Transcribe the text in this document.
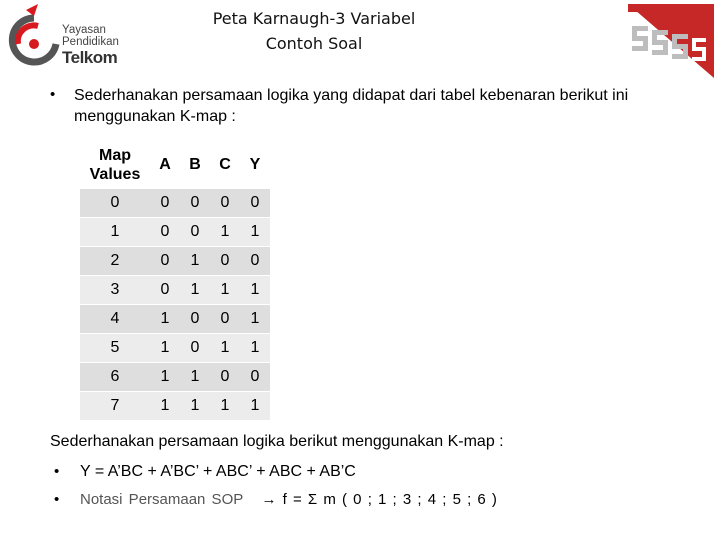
Yayasan
Pendidikan
Telkom
Peta Karnaugh-3 Variabel
Contoh Soal
• Sederhanakan persamaan logika yang didapat dari tabel kebenaran berikut ini menggunakan K-map :
Map
Values	A	B	C	Y
0	0	0	0	0
1	0	0	1	1
2	0	1	0	0
3	0	1	1	1
4	1	0	0	1
5	1	0	1	1
6	1	1	0	0
7	1	1	1	1
Sederhanakan persamaan logika berikut menggunakan K-map :
• Y = A’BC + A’BC’ + ABC’ + ABC + AB’C
• Notasi Persamaan SOP → f = Σ m ( 0 ; 1 ; 3 ; 4 ; 5 ; 6 )
